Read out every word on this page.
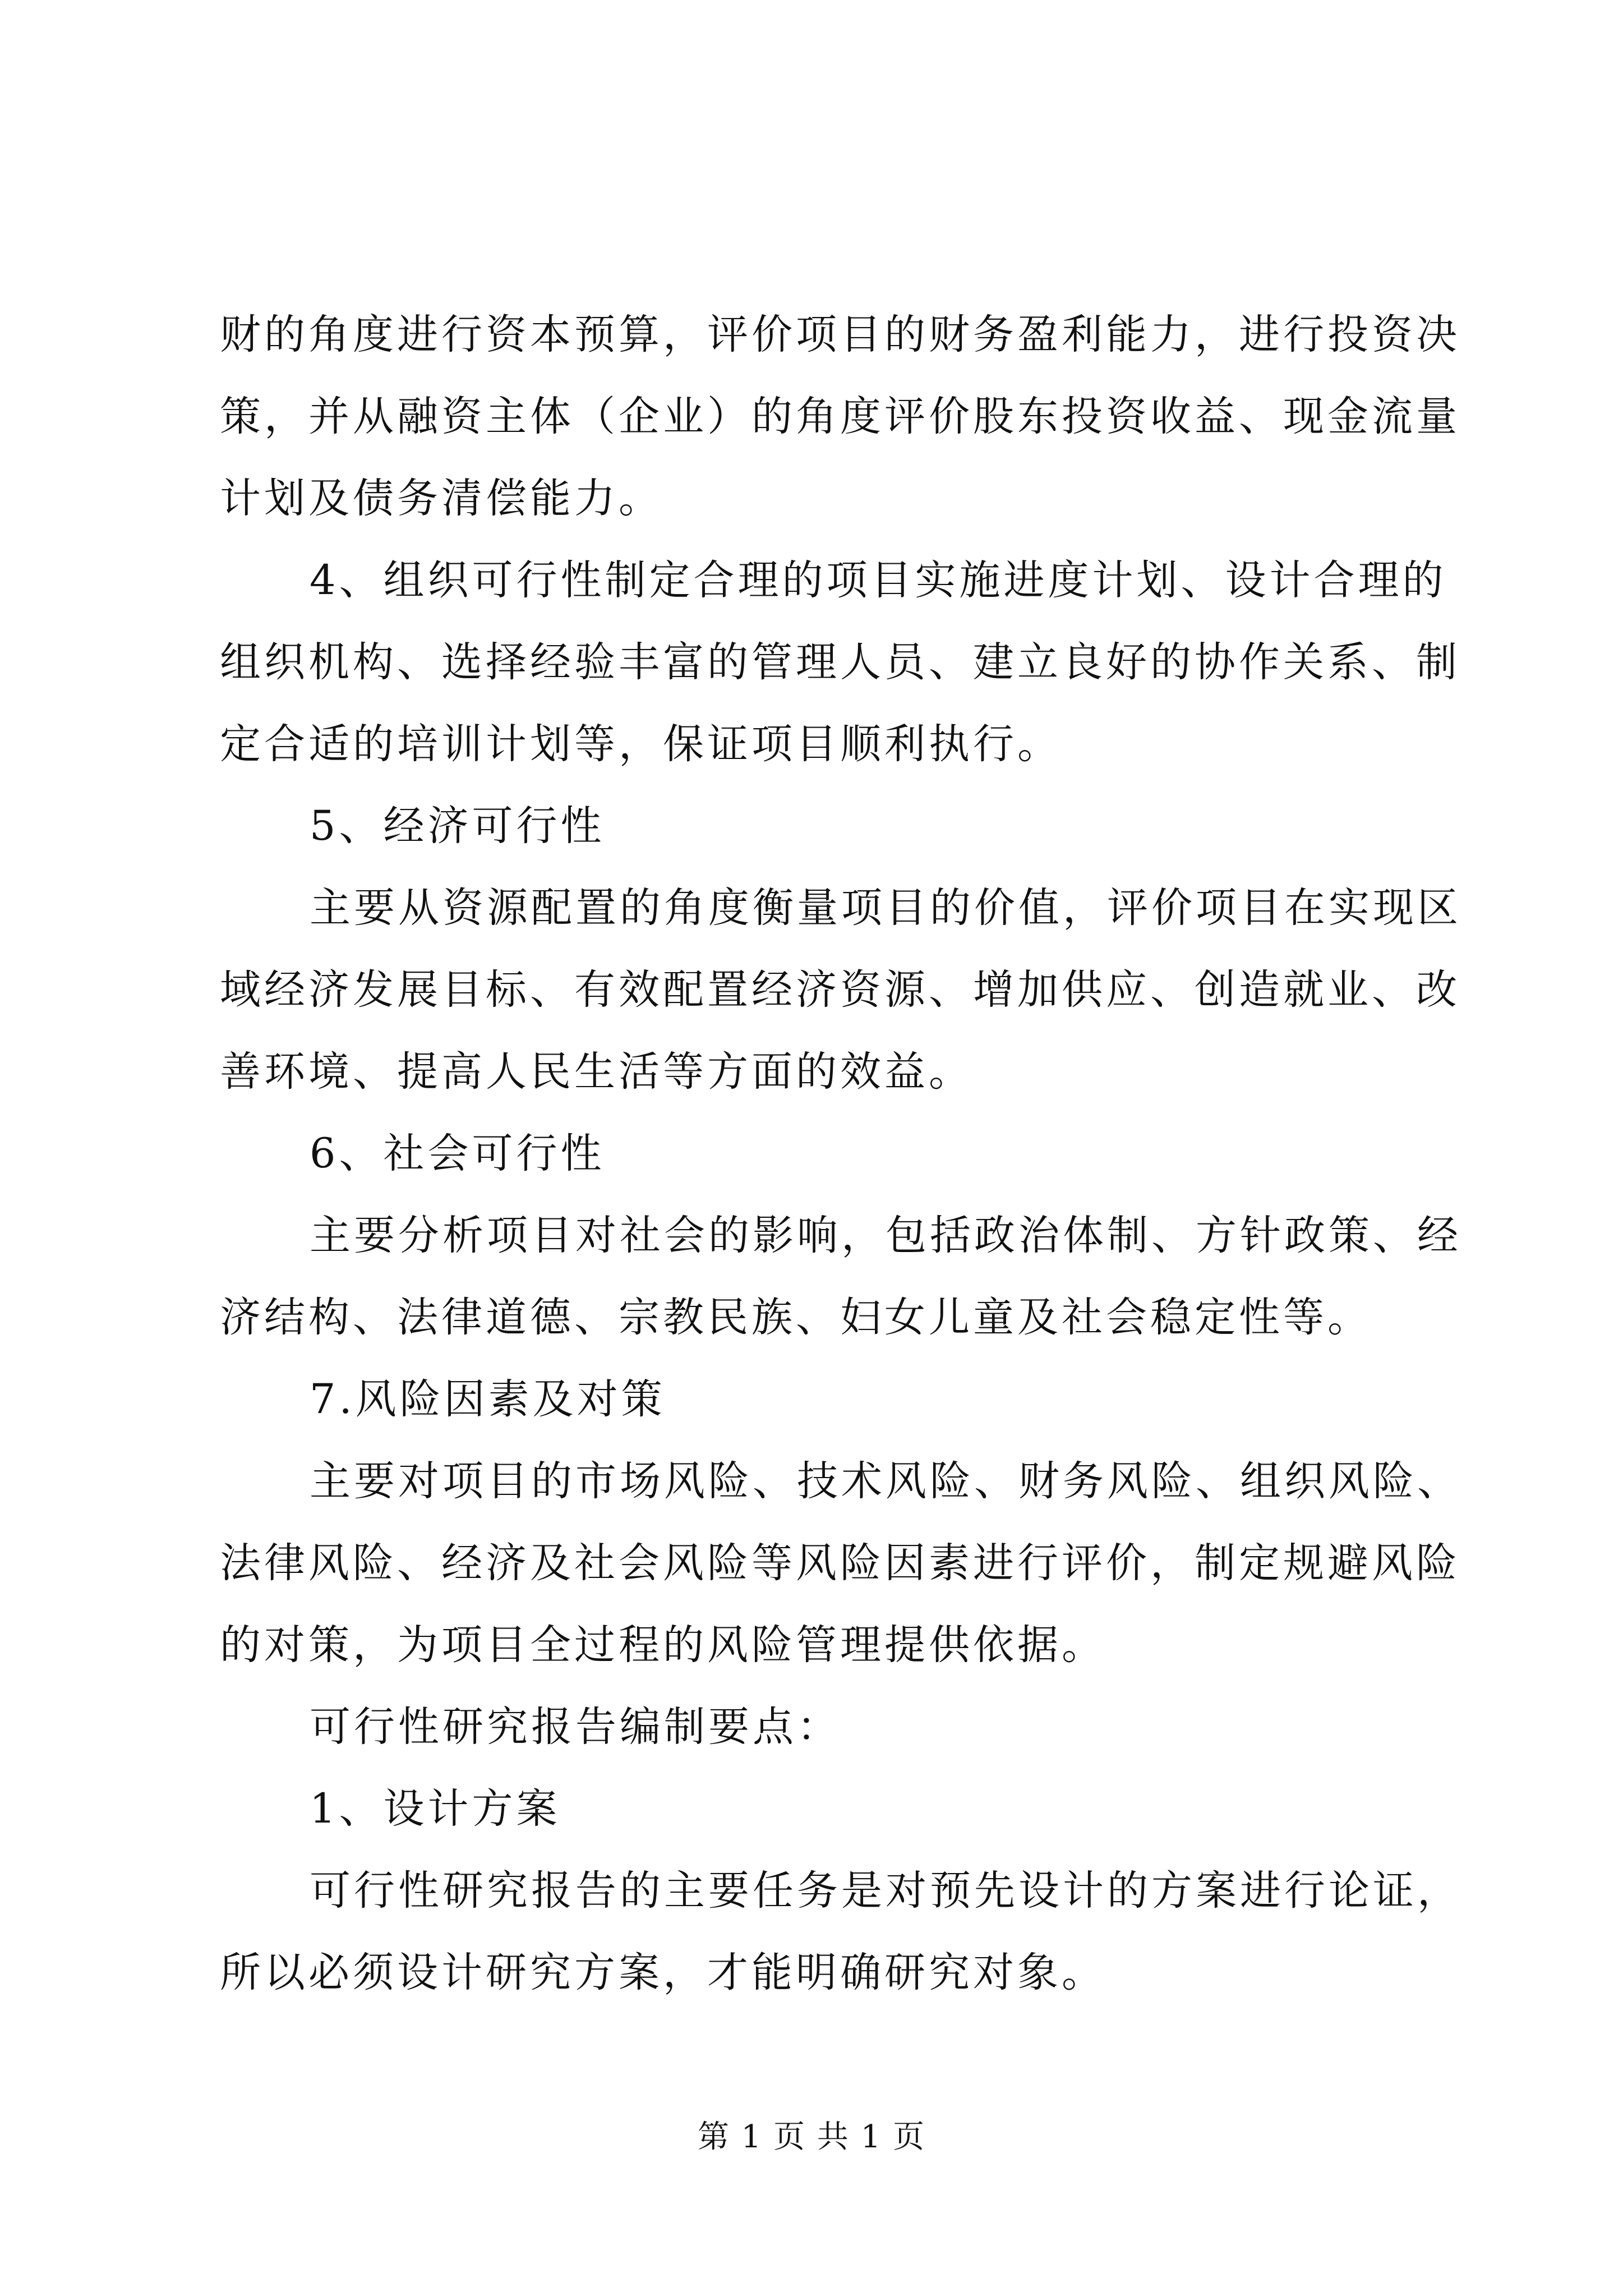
财的角度进行资本预算，评价项目的财务盈利能力，进行投资决
策，并从融资主体（企业）的角度评价股东投资收益、现金流量
计划及债务清偿能力。
4、组织可行性制定合理的项目实施进度计划、设计合理的
组织机构、选择经验丰富的管理人员、建立良好的协作关系、制
定合适的培训计划等，保证项目顺利执行。
5、经济可行性
主要从资源配置的角度衡量项目的价值，评价项目在实现区
域经济发展目标、有效配置经济资源、增加供应、创造就业、改
善环境、提高人民生活等方面的效益。
6、社会可行性
主要分析项目对社会的影响，包括政治体制、方针政策、经
济结构、法律道德、宗教民族、妇女儿童及社会稳定性等。
7.风险因素及对策
主要对项目的市场风险、技术风险、财务风险、组织风险、
法律风险、经济及社会风险等风险因素进行评价，制定规避风险
的对策，为项目全过程的风险管理提供依据。
可行性研究报告编制要点：
1、设计方案
可行性研究报告的主要任务是对预先设计的方案进行论证，
所以必须设计研究方案，才能明确研究对象。
第 1 页 共 1 页
